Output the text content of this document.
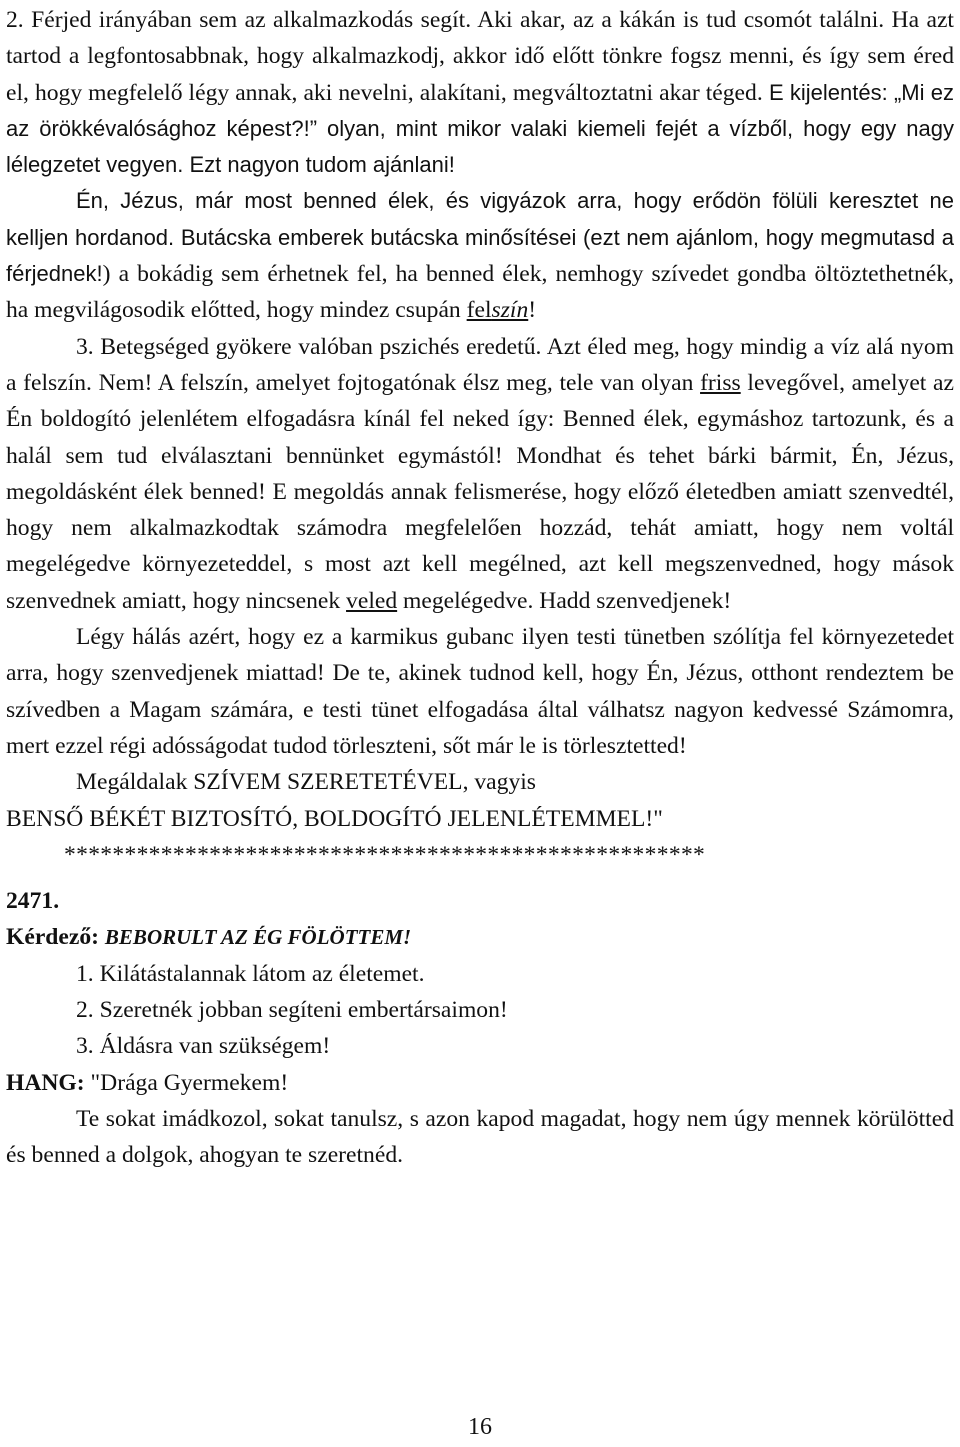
2. Férjed irányában sem az alkalmazkodás segít. Aki akar, az a kákán is tud csomót találni. Ha azt tartod a legfontosabbnak, hogy alkalmazkodj, akkor idő előtt tönkre fogsz menni, és így sem éred el, hogy megfelelő légy annak, aki nevelni, alakítani, megváltoztatni akar téged. E kijelentés: „Mi ez az örökkévalósághoz képest?!” olyan, mint mikor valaki kiemeli fejét a vízből, hogy egy nagy lélegzetet vegyen. Ezt nagyon tudom ajánlani!

Én, Jézus, már most benned élek, és vigyázok arra, hogy erődön fölüli keresztet ne kelljen hordanod. Butácska emberek butácska minősítései (ezt nem ajánlom, hogy megmutasd a férjednek!) a bokádig sem érhetnek fel, ha benned élek, nemhogy szívedet gondba öltöztethetnék, ha megvilágosodik előtted, hogy mindez csupán felszín!

3. Betegséged gyökere valóban pszichés eredetű. Azt éled meg, hogy mindig a víz alá nyom a felszín. Nem! A felszín, amelyet fojtogatónak élsz meg, tele van olyan friss levegővel, amelyet az Én boldogító jelenlétem elfogadásra kínál fel neked így: Benned élek, egymáshoz tartozunk, és a halál sem tud elválasztani bennünket egymástól! Mondhat és tehet bárki bármit, Én, Jézus, megoldásként élek benned! E megoldás annak felismerése, hogy előző életedben amiatt szenvedtél, hogy nem alkalmazkodtak számodra megfelelően hozzád, tehát amiatt, hogy nem voltál megelégedve környezeteddel, s most azt kell megélned, azt kell megszenvedned, hogy mások szenvednek amiatt, hogy nincsenek veled megelégedve. Hadd szenvedjenek!

Légy hálás azért, hogy ez a karmikus gubanc ilyen testi tünetben szólítja fel környezetedet arra, hogy szenvedjenek miattad! De te, akinek tudnod kell, hogy Én, Jézus, otthont rendeztem be szívedben a Magam számára, e testi tünet elfogadása által válhatsz nagyon kedvessé Számomra, mert ezzel régi adósságodat tudod törleszteni, sőt már le is törlesztetted!

Megáldalak SZÍVEM SZERETETÉVEL, vagyis

BENSŐ BÉKÉT BIZTOSÍTÓ, BOLDOGÍTÓ JELENLÉTEMMEL!"

*****************************************************

2471.

Kérdező: BEBORULT AZ ÉG FÖLÖTTEM!

1. Kilátástalannak látom az életemet.

2. Szeretnék jobban segíteni embertársaimon!

3. Áldásra van szükségem!

HANG: "Drága Gyermekem!

Te sokat imádkozol, sokat tanulsz, s azon kapod magadat, hogy nem úgy mennek körülötted és benned a dolgok, ahogyan te szeretnéd.

16
